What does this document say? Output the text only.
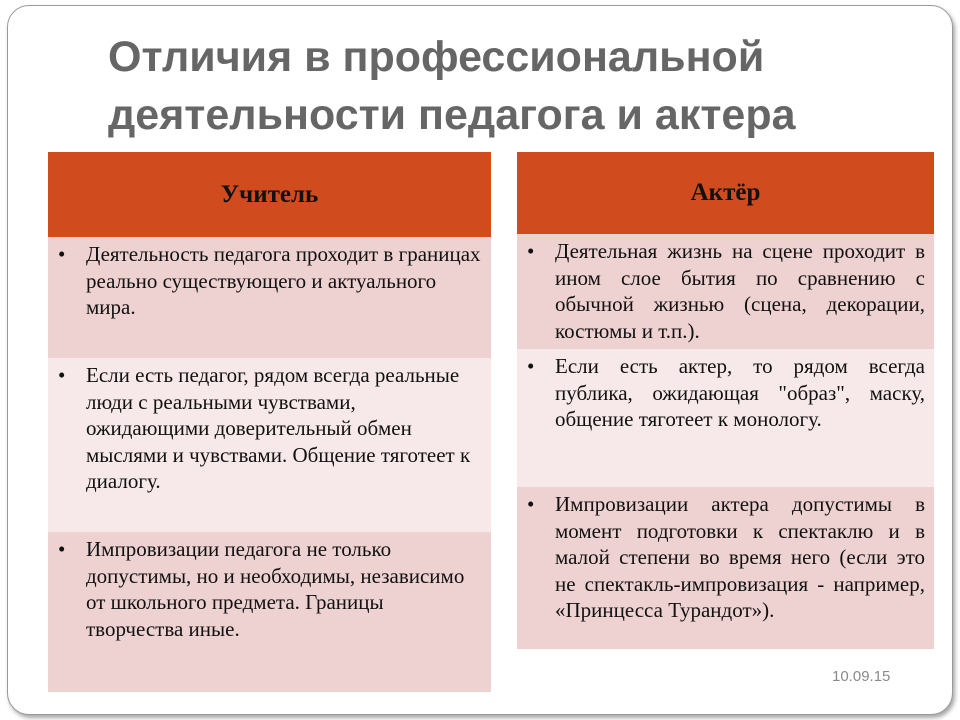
Отличия в профессиональной
деятельности педагога и актера
Учитель
• Деятельность педагога проходит в границах реально существующего и актуального мира.
• Если есть педагог, рядом всегда реальные люди с реальными чувствами, ожидающими доверительный обмен мыслями и чувствами. Общение тяготеет к диалогу.
• Импровизации педагога не только допустимы, но и необходимы, независимо от школьного предмета. Границы творчества иные.
Актёр
• Деятельная жизнь на сцене проходит в ином слое бытия по сравнению с обычной жизнью (сцена, декорации, костюмы и т.п.).
• Если есть актер, то рядом всегда публика, ожидающая "образ", маску, общение тяготеет к монологу.
• Импровизации актера допустимы в момент подготовки к спектаклю и в малой степени во время него (если это не спектакль-импровизация - например, «Принцесса Турандот»).
10.09.15
